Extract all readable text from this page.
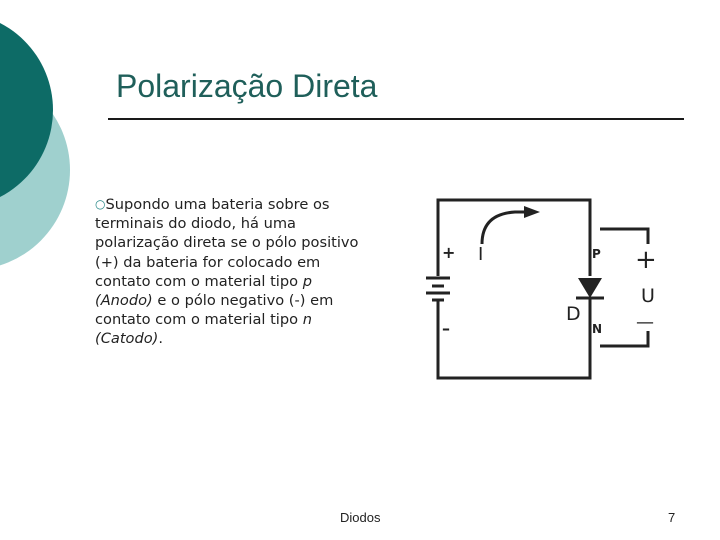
Polarização Direta
○Supondo uma bateria sobre os terminais do diodo, há uma polarização direta se o pólo positivo (+) da bateria for colocado em contato com o material tipo p (Anodo) e o pólo negativo (-) em contato com o material tipo n (Catodo).
+
–
I	P
N
D
+
U
—
Diodos	7
